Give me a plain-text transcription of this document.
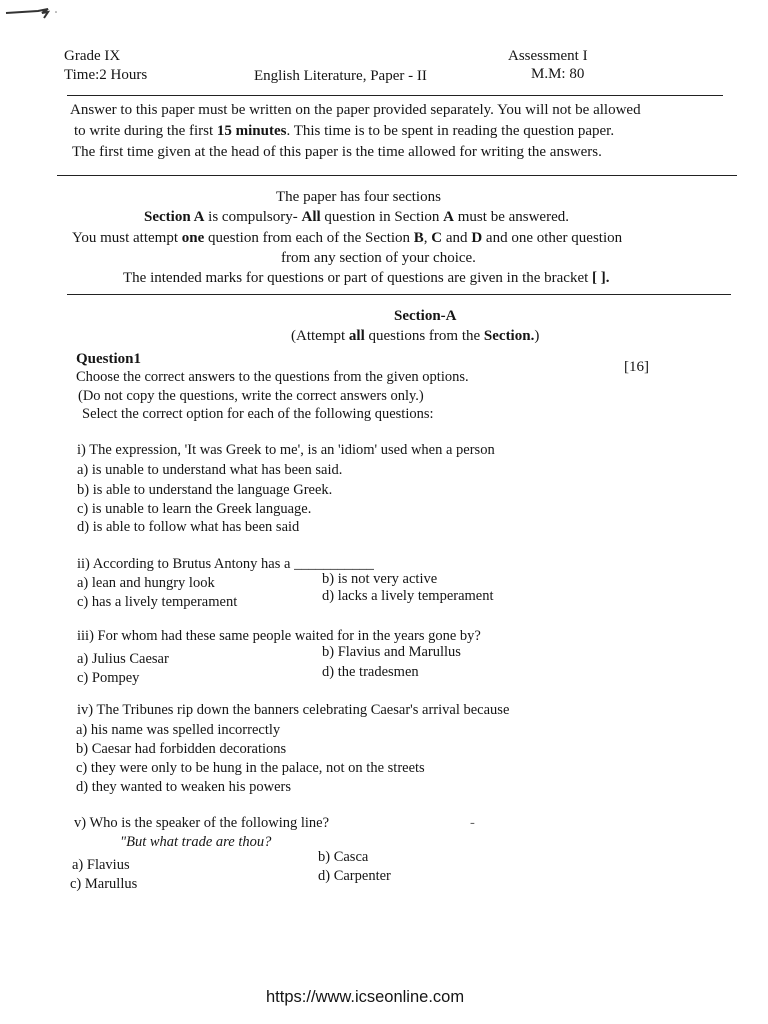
Grade IX
Time:2 Hours	English Literature, Paper - II
Assessment I
M.M: 80
Answer to this paper must be written on the paper provided separately. You will not be allowed
to write during the first 15 minutes. This time is to be spent in reading the question paper.
The first time given at the head of this paper is the time allowed for writing the answers.
The paper has four sections
Section A is compulsory- All question in Section A must be answered.
You must attempt one question from each of the Section B, C and D and one other question
from any section of your choice.
The intended marks for questions or part of questions are given in the bracket [ ].
Section-A
(Attempt all questions from the Section.)
Question1	[16]
Choose the correct answers to the questions from the given options.
(Do not copy the questions, write the correct answers only.)
Select the correct option for each of the following questions:
i) The expression, 'It was Greek to me', is an 'idiom' used when a person
a) is unable to understand what has been said.
b) is able to understand the language Greek.
c) is unable to learn the Greek language.
d) is able to follow what has been said
ii) According to Brutus Antony has a ___________
a) lean and hungry look	b) is not very active
c) has a lively temperament	d) lacks a lively temperament
iii) For whom had these same people waited for in the years gone by?
a) Julius Caesar	b) Flavius and Marullus
c) Pompey	d) the tradesmen
iv) The Tribunes rip down the banners celebrating Caesar's arrival because
a) his name was spelled incorrectly
b) Caesar had forbidden decorations
c) they were only to be hung in the palace, not on the streets
d) they wanted to weaken his powers
v) Who is the speaker of the following line?	-
"But what trade are thou?
a) Flavius	b) Casca
c) Marullus	d) Carpenter
https://www.icseonline.com
